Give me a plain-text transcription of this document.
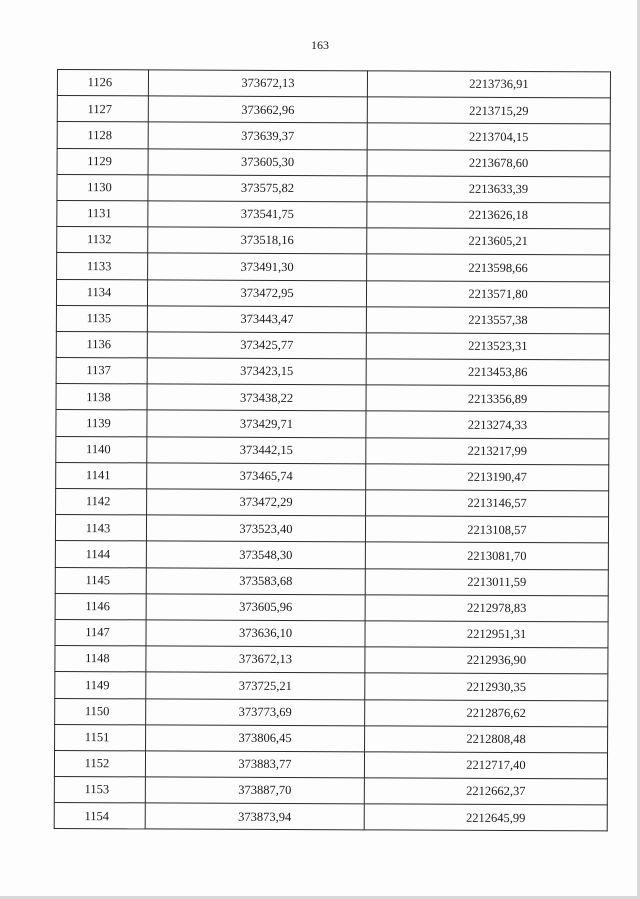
163
1126	373672,13	2213736,91
1127	373662,96	2213715,29
1128	373639,37	2213704,15
1129	373605,30	2213678,60
1130	373575,82	2213633,39
1131	373541,75	2213626,18
1132	373518,16	2213605,21
1133	373491,30	2213598,66
1134	373472,95	2213571,80
1135	373443,47	2213557,38
1136	373425,77	2213523,31
1137	373423,15	2213453,86
1138	373438,22	2213356,89
1139	373429,71	2213274,33
1140	373442,15	2213217,99
1141	373465,74	2213190,47
1142	373472,29	2213146,57
1143	373523,40	2213108,57
1144	373548,30	2213081,70
1145	373583,68	2213011,59
1146	373605,96	2212978,83
1147	373636,10	2212951,31
1148	373672,13	2212936,90
1149	373725,21	2212930,35
1150	373773,69	2212876,62
1151	373806,45	2212808,48
1152	373883,77	2212717,40
1153	373887,70	2212662,37
1154	373873,94	2212645,99
